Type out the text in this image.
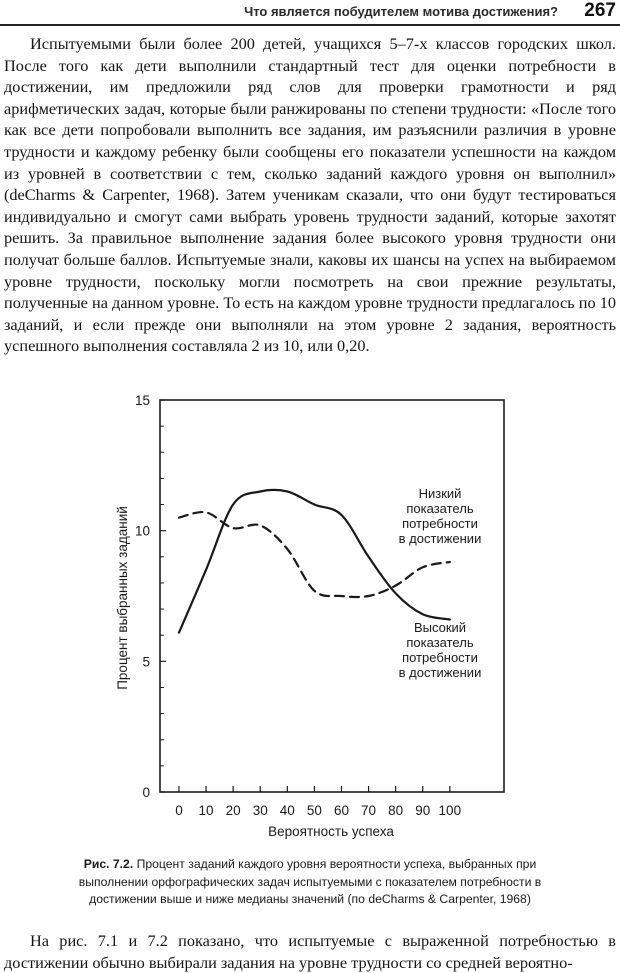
Что является побудителем мотива достижения? 267

Испытуемыми были более 200 детей, учащихся 5–7-х классов городских школ. После того как дети выполнили стандартный тест для оценки потребности в достижении, им предложили ряд слов для проверки грамотности и ряд арифметических задач, которые были ранжированы по степени трудности: «После того как все дети попробовали выполнить все задания, им разъяснили различия в уровне трудности и каждому ребенку были сообщены его показатели успешности на каждом из уровней в соответствии с тем, сколько заданий каждого уровня он выполнил» (deCharms & Carpenter, 1968). Затем ученикам сказали, что они будут тестироваться индивидуально и смогут сами выбрать уровень трудности заданий, которые захотят решить. За правильное выполнение задания более высокого уровня трудности они получат больше баллов. Испытуемые знали, каковы их шансы на успех на выбираемом уровне трудности, поскольку могли посмотреть на свои прежние результаты, полученные на данном уровне. То есть на каждом уровне трудности предлагалось по 10 заданий, и если прежде они выполняли на этом уровне 2 задания, вероятность успешного выполнения составляла 2 из 10, или 0,20.

0
5
10
15
0 10 20 30 40 50 60 70 80 90 100
Процент выбранных заданий
Вероятность успеха
Высокий
показатель
потребности
в достижении
Низкий
показатель
потребности
в достижении
Рис. 7.2. Процент заданий каждого уровня вероятности успеха, выбранных при выполнении орфографических задач испытуемыми с показателем потребности в достижении выше и ниже медианы значений (по deCharms & Carpenter, 1968)

На рис. 7.1 и 7.2 показано, что испытуемые с выраженной потребностью в достижении обычно выбирали задания на уровне трудности со средней вероятно-
